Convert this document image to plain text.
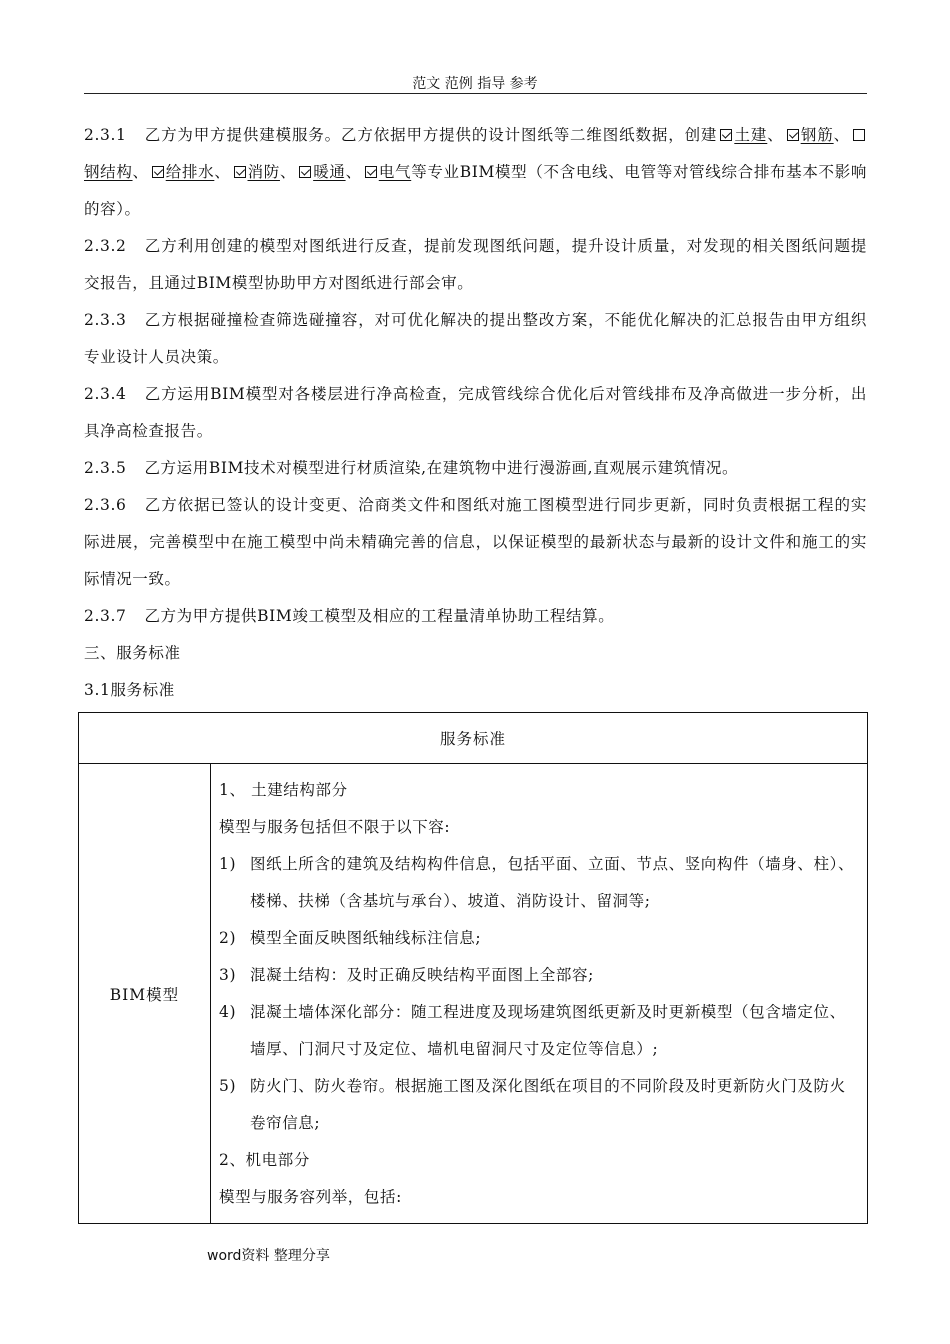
范文 范例 指导 参考

2.3.1 乙方为甲方提供建模服务。乙方依据甲方提供的设计图纸等二维图纸数据，创建 土建、 钢筋、 钢结构、 给排水、 消防、 暖通、 电气等专业BIM模型（不含电线、电管等对管线综合排布基本不影响的容）。

2.3.2 乙方利用创建的模型对图纸进行反查，提前发现图纸问题，提升设计质量，对发现的相关图纸问题提交报告，且通过BIM模型协助甲方对图纸进行部会审。

2.3.3 乙方根据碰撞检查筛选碰撞容，对可优化解决的提出整改方案，不能优化解决的汇总报告由甲方组织专业设计人员决策。

2.3.4 乙方运用BIM模型对各楼层进行净高检查，完成管线综合优化后对管线排布及净高做进一步分析，出具净高检查报告。

2.3.5 乙方运用BIM技术对模型进行材质渲染,在建筑物中进行漫游画,直观展示建筑情况。

2.3.6 乙方依据已签认的设计变更、洽商类文件和图纸对施工图模型进行同步更新，同时负责根据工程的实际进展，完善模型中在施工模型中尚未精确完善的信息，以保证模型的最新状态与最新的设计文件和施工的实际情况一致。

2.3.7 乙方为甲方提供BIM竣工模型及相应的工程量清单协助工程结算。

三、服务标准

3.1服务标准

服务标准
BIM模型

1、 土建结构部分

模型与服务包括但不限于以下容:

1) 图纸上所含的建筑及结构构件信息，包括平面、立面、节点、竖向构件（墙身、柱）、楼梯、扶梯（含基坑与承台）、坡道、消防设计、留洞等;
2) 模型全面反映图纸轴线标注信息;
3) 混凝土结构：及时正确反映结构平面图上全部容;
4) 混凝土墙体深化部分：随工程进度及现场建筑图纸更新及时更新模型（包含墙定位、墙厚、门洞尺寸及定位、墙机电留洞尺寸及定位等信息）;
5) 防火门、防火卷帘。根据施工图及深化图纸在项目的不同阶段及时更新防火门及防火卷帘信息;

2、机电部分

模型与服务容列举，包括:

word资料 整理分享
